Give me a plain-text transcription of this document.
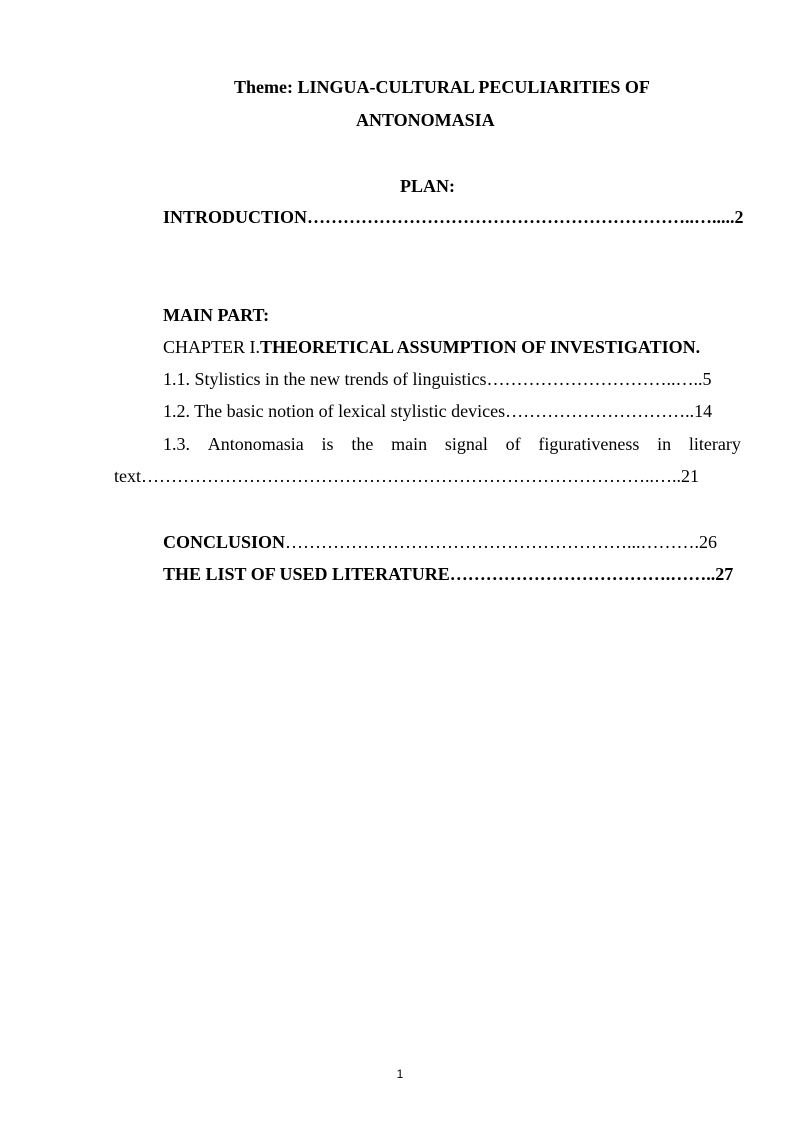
Theme: LINGUA-CULTURAL PECULIARITIES OF
ANTONOMASIA
PLAN:
INTRODUCTION………………………………………………………..….....2
MAIN PART:
CHAPTER I.THEORETICAL ASSUMPTION OF INVESTIGATION.
1.1. Stylistics in the new trends of linguistics…………………………..…..5
1.2. The basic notion of lexical stylistic devices…………………………..14
1.3. Antonomasia is the main signal of figurativeness in literary
text…………………………………………………………………………..…..21
CONCLUSION…………………………………………………...……….26
THE LIST OF USED LITERATURE……………………………….……..27
1
